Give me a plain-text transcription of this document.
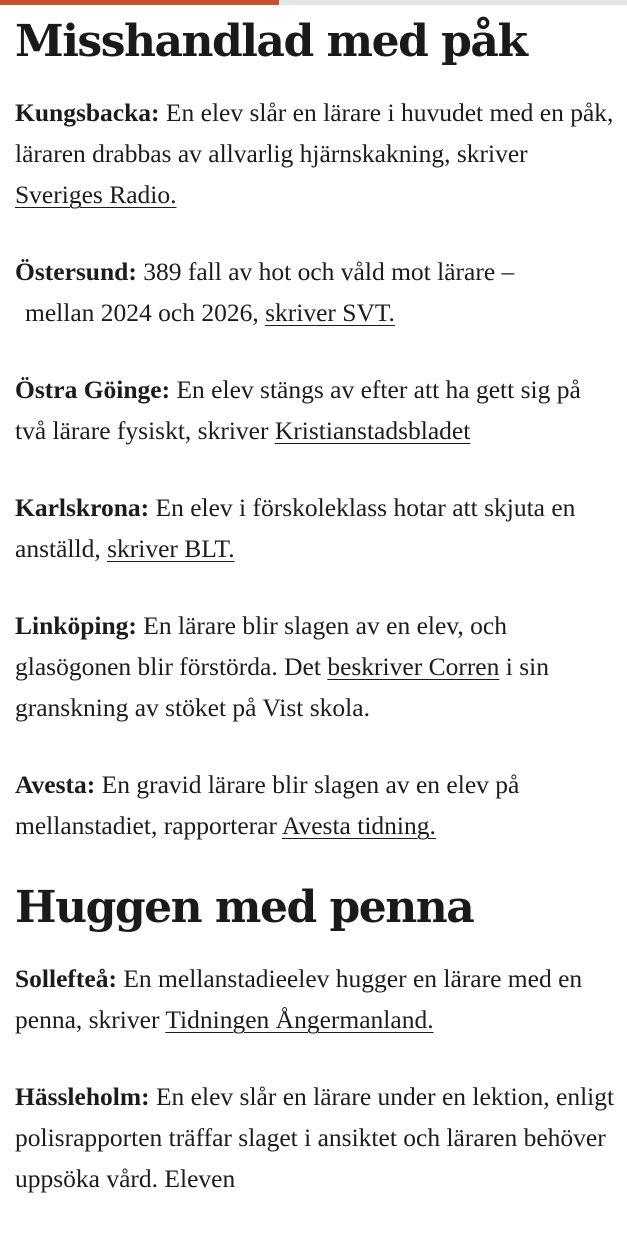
Misshandlad med påk

Kungsbacka: En elev slår en lärare i huvudet med en påk, läraren drabbas av allvarlig hjärnskakning, skriver Sveriges Radio.

Östersund: 389 fall av hot och våld mot lärare –
mellan 2024 och 2026, skriver SVT.

Östra Göinge: En elev stängs av efter att ha gett sig på två lärare fysiskt, skriver Kristianstadsbladet

Karlskrona: En elev i förskoleklass hotar att skjuta en anställd, skriver BLT.

Linköping: En lärare blir slagen av en elev, och glasögonen blir förstörda. Det beskriver Corren i sin granskning av stöket på Vist skola.

Avesta: En gravid lärare blir slagen av en elev på mellanstadiet, rapporterar Avesta tidning.

Huggen med penna

Sollefteå: En mellanstadieelev hugger en lärare med en penna, skriver Tidningen Ångermanland.

Hässleholm: En elev slår en lärare under en lektion, enligt polisrapporten träffar slaget i ansiktet och läraren behöver uppsöka vård. Eleven
